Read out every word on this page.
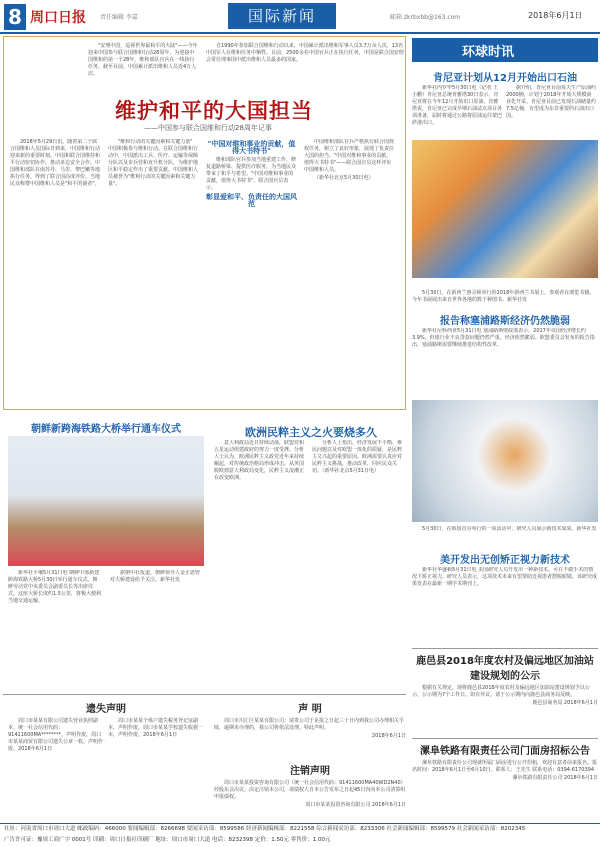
8 周口日报 责任编辑 李嘉	国际新闻	邮箱 zkrbxbb@163.com	2018年6月1日

"安理中国，巡视世界最和平的大陆"——今年迎来中国参与联合国维和行动28周年，为迎接中国维和的第一个28年，维和部队官兵在一线执行任务。截至目前，中国累计派出维和人员近4万人次。

自1990年参加联合国维和行动以来，中国累计派出维和军事人员3.7万余人次，13名中国军人在维和任务中牺牲。目前，2500余名中国官兵正在执行任务，中国是联合国安理会常任理事国中派出维和人员最多的国家。

维护和平的大国担当
——中国参与联合国维和行动28周年记事

2018年5月29日讯，随着第二个联合国维和人员国际日到来，中国维和行动迎来新的重要时刻。中国和联合国维持和平行动密切协作，推动多边安全合作。中国维和部队在南苏丹、马里、黎巴嫩等地执行任务，得到了联合国高度评价。当地民众称赞中国维和人员是"和平的使者"。

"维和行动的关键因素和关键力量" 中国积极参与维和行动。在联合国维和行动中，中国派出工兵、医疗、运输等保障分队以及步兵营和直升机分队，为维护地区和平稳定作出了重要贡献。中国维和人员被誉为"维和行动的关键因素和关键力量"。

"中国对维和事业的贡献，值得大书特书"

维和部队官兵参加当地重建工作，修复道路桥梁、提供医疗服务，为当地民众带来了和平与希望。"中国对维和事业的贡献，值得大书特书"，联合国官员表示。

彰显爱和平、负责任的大国风范

中国维和部队官兵严格执行联合国授权任务，树立了良好形象，展现了负责任大国的担当。"中国对维和事业的贡献，值得大书特书"——联合国官员这样评价中国维和人员。

（新华社北京5月30日电）

环球时讯
肯尼亚计划从12月开始出口石油

新华社内罗毕5月30日电（记者 王小鹏）肯尼亚总统肯雅塔30日表示，肯尼亚将在今年12月开始出口原油。肯雅塔说，肯尼亚已完成早期石油试点项目各项准备，届时将通过公路将原油运往蒙巴萨港出口。

据介绍，肯尼亚目前每天生产原油约2000桶，计划于2018年开始大规模商业化开采。肯尼亚目前已发现石油储量约7.5亿桶，有望成为东非重要的石油出口国。

5月30日，在新西兰惠灵顿举行的2018年新西兰书展上，参观者在浏览书籍。今年书展展出来自世界各地的数千种图书。新华社发

报告称塞浦路斯经济仍然脆弱

新华社尼科西亚5月31日电 塞浦路斯财政部表示，2017年该国经济增长约3.9%，但银行业不良贷款问题仍然严重，经济依然脆弱。欧盟委员会发布的报告指出，塞浦路斯需要继续推进结构性改革。

朝鲜新跨海铁路大桥举行通车仪式

新华社平壤5月31日电 朝鲜中部新建跨海铁路大桥5月30日举行通车仪式。朝鲜劳动党中央委员会副委员长等出席仪式。这座大桥长度约1.5公里，将极大便利当地交通运输。

据朝中社报道，朝鲜领导人金正恩曾对大桥建设给予关注。新华社发

欧洲民粹主义之火要烧多久

意大利政局近日持续动荡，联盟党和五星运动组建政府的努力一度受挫。分析人士认为，欧洲民粹主义政党近年来持续崛起，对传统政治格局形成冲击。从英国脱欧到意大利政局变化，民粹主义浪潮正在改变欧洲。

分析人士指出，经济发展不平衡、难民问题以及对欧盟一体化的质疑，是民粹主义兴起的重要原因。欧洲需要认真应对民粹主义挑战，推动改革，回应民众关切。（新华社北京5月31日电）

5月30日，在韩国首尔举行的一项活动中，研究人员展示新技术成果。新华社发

美开发出无创矫正视力新技术

新华社华盛顿5月31日电 美国研究人员开发出一种新技术，可在不做手术的情况下矫正视力。研究人员表示，这项技术未来有望帮助近视患者摆脱眼镜。该研究成果发表在最新一期学术期刊上。

遗失声明

周口市某某有限公司遗失营业执照副本，统一社会信用代码：91411600MA********，声明作废。周口市某某商贸有限公司遗失公章一枚，声明作废。2018年6月1日

周口市某某个体户遗失税务登记证副本，声明作废。周口市某某学校遗失收据一本，声明作废。2018年6月1日

声 明

周口市川汇区某某有限公司：请贵公司于见报之日起三十日内到我公司办理相关手续，逾期未办理的，我公司将依法处理。特此声明。

2018年6月1日
注销声明

周口市某某投资咨询有限公司（统一社会信用代码：91411600MA40WD2N40）经股东会决议，决定注销本公司，请债权人自本公告发布之日起45日内向本公司清算组申报债权。

周口市某某投资咨询有限公司 2018年6月1日
鹿邑县2018年度农村及偏远地区加油站建设规划的公示

根据有关规定，现将鹿邑县2018年度农村及偏远地区加油站建设规划予以公示，公示期为7个工作日。如有异议，请于公示期内向鹿邑县商务局反映。

鹿邑县商务局 2018年6月1日
漯阜铁路有限责任公司门面房招标公告

漯阜铁路有限责任公司现就所属门面房进行公开招租，欢迎有意者前来报名。报名时间：2018年6月1日至6月10日。联系人：王先生 联系电话：0394-6170394

漯阜铁路有限责任公司 2018年6月1日
社址：河南省周口市周口大道 邮政编码：466000 要闻编辑部：8266698 要闻采访部：8599586 经济新闻编辑部：8221558 综合新闻采访部：8233306 社会新闻编辑部：8599579 社会新闻采访部：8202345
广告许可证：豫周工商广字 0001号 印刷：周口日报社印刷厂 地址：周口市周口大道 电话：8232398 定价：1.50元 零售价：1.00元
